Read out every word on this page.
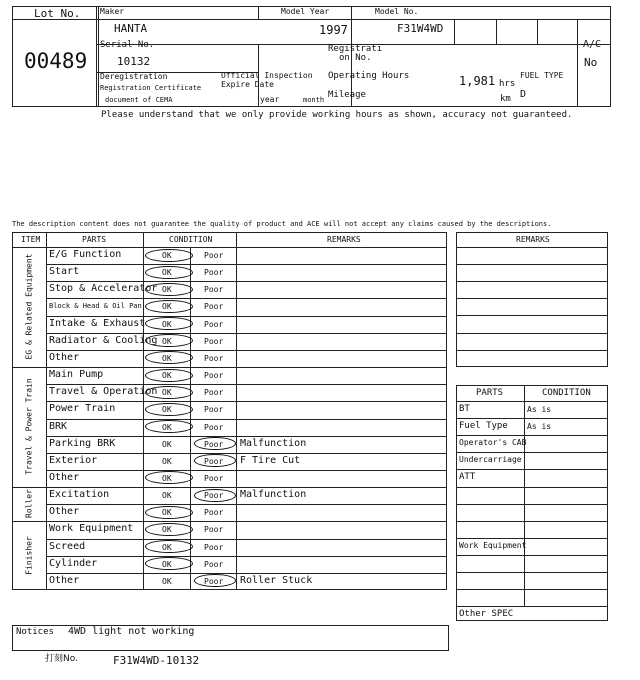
Lot No.
00489

Maker
HANTA
Model Year
1997
Model No.
F31W4WD
Serial No.
10132
Registrati
on No.
A/C
No
Deregistration
Registration Certificate
document of CEMA
Official Inspection
Expire Date
year	month
Operating Hours	1,981 hrs
Mileage	km
FUEL TYPE
D
Please understand that we only provide working hours as shown, accuracy not guaranteed.
The description content does not guarantee the quality of product and ACE will not accept any claims caused by the descriptions.
ITEM	PARTS	CONDITION	REMARKS
EG & Related Equipment E/G Function	OK	Poor
Start	OK	Poor
Stop & Accelerator OK	Poor
Block & Head & Oil Pan	OK	Poor
Intake & Exhaust OK	Poor
Radiator & Cooling OK	Poor
Other	OK	Poor
Travel & Power Train
Main Pump	OK	Poor
Travel & Operation OK	Poor
Power Train	OK	Poor
BRK	OK	Poor
Parking BRK	OK	Poor Malfunction
Exterior	OK	Poor F Tire Cut
Other	OK	Poor
Roller Excitation	OK	Poor Malfunction
Other	OK	Poor
Finisher
Work Equipment	OK	Poor
Screed	OK	Poor
Cylinder	OK	Poor
Other	OK	Poor Roller Stuck
REMARKS
PARTS	CONDITION
BT	As is
Fuel Type As is
Operator's CAB
Undercarriage
ATT
Work Equipment
Other SPEC
Notices 4WD light not working
打刻No.	F31W4WD-10132
